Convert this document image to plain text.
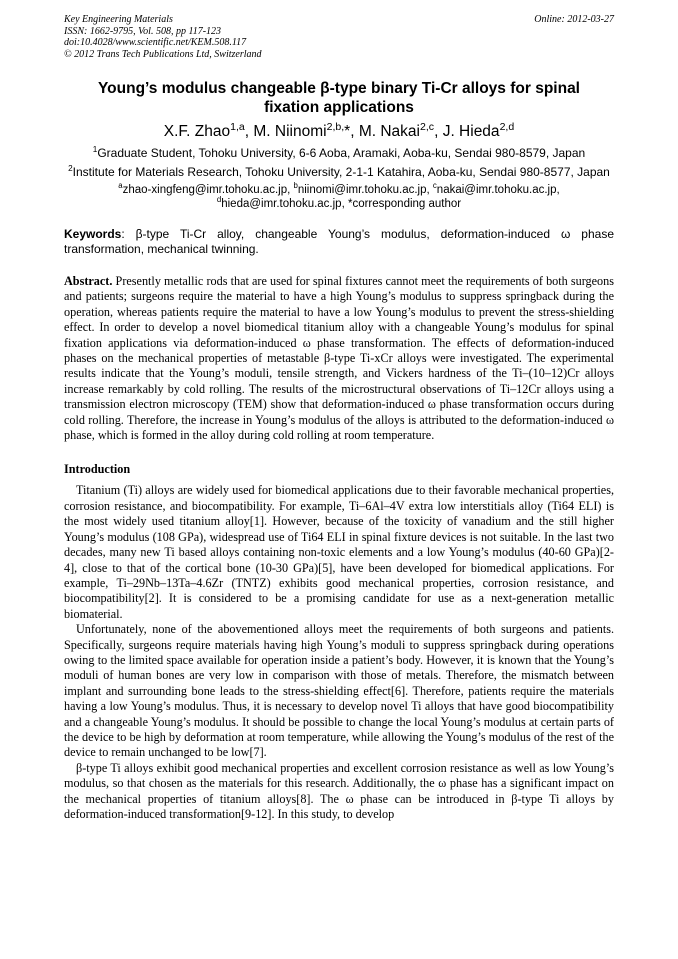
Key Engineering Materials
ISSN: 1662-9795, Vol. 508, pp 117-123
doi:10.4028/www.scientific.net/KEM.508.117
© 2012 Trans Tech Publications Ltd, Switzerland
Online: 2012-03-27
Young’s modulus changeable β-type binary Ti-Cr alloys for spinal fixation applications
X.F. Zhao$^{1,a}$, M. Niinomi$^{2,b,}$*, M. Nakai$^{2,c}$, J. Hieda$^{2,d}$
$^1$Graduate Student, Tohoku University, 6-6 Aoba, Aramaki, Aoba-ku, Sendai 980-8579, Japan
$^2$Institute for Materials Research, Tohoku University, 2-1-1 Katahira, Aoba-ku, Sendai 980-8577, Japan
$^a$zhao-xingfeng@imr.tohoku.ac.jp, $^b$niinomi@imr.tohoku.ac.jp, $^c$nakai@imr.tohoku.ac.jp,
$^d$hieda@imr.tohoku.ac.jp, *corresponding author
Keywords: β-type Ti-Cr alloy, changeable Young’s modulus, deformation-induced ω phase transformation, mechanical twinning.
Abstract. Presently metallic rods that are used for spinal fixtures cannot meet the requirements of both surgeons and patients; surgeons require the material to have a high Young’s modulus to suppress springback during the operation, whereas patients require the material to have a low Young’s modulus to prevent the stress-shielding effect. In order to develop a novel biomedical titanium alloy with a changeable Young’s modulus for spinal fixation applications via deformation-induced ω phase transformation. The effects of deformation-induced phases on the mechanical properties of metastable β-type Ti-xCr alloys were investigated. The experimental results indicate that the Young’s moduli, tensile strength, and Vickers hardness of the Ti–(10–12)Cr alloys increase remarkably by cold rolling. The results of the microstructural observations of Ti–12Cr alloys using a transmission electron microscopy (TEM) show that deformation-induced ω phase transformation occurs during cold rolling. Therefore, the increase in Young’s modulus of the alloys is attributed to the deformation-induced ω phase, which is formed in the alloy during cold rolling at room temperature.
Introduction

Titanium (Ti) alloys are widely used for biomedical applications due to their favorable mechanical properties, corrosion resistance, and biocompatibility. For example, Ti–6Al–4V extra low interstitials alloy (Ti64 ELI) is the most widely used titanium alloy[1]. However, because of the toxicity of vanadium and the still higher Young’s modulus (108 GPa), widespread use of Ti64 ELI in spinal fixture devices is not suitable. In the last two decades, many new Ti based alloys containing non-toxic elements and a low Young’s modulus (40-60 GPa)[2-4], close to that of the cortical bone (10-30 GPa)[5], have been developed for biomedical applications. For example, Ti–29Nb–13Ta–4.6Zr (TNTZ) exhibits good mechanical properties, corrosion resistance, and biocompatibility[2]. It is considered to be a promising candidate for use as a next-generation metallic biomaterial.

Unfortunately, none of the abovementioned alloys meet the requirements of both surgeons and patients. Specifically, surgeons require materials having high Young’s moduli to suppress springback during operations owing to the limited space available for operation inside a patient’s body. However, it is known that the Young’s moduli of human bones are very low in comparison with those of metals. Therefore, the mismatch between implant and surrounding bone leads to the stress-shielding effect[6]. Therefore, patients require the materials having a low Young’s modulus. Thus, it is necessary to develop novel Ti alloys that have good biocompatibility and a changeable Young’s modulus. It should be possible to change the local Young’s modulus at certain parts of the device to be high by deformation at room temperature, while allowing the Young’s modulus of the rest of the device to remain unchanged to be low[7].

β-type Ti alloys exhibit good mechanical properties and excellent corrosion resistance as well as low Young’s modulus, so that chosen as the materials for this research. Additionally, the ω phase has a significant impact on the mechanical properties of titanium alloys[8]. The ω phase can be introduced in β-type Ti alloys by deformation-induced transformation[9-12]. In this study, to develop
